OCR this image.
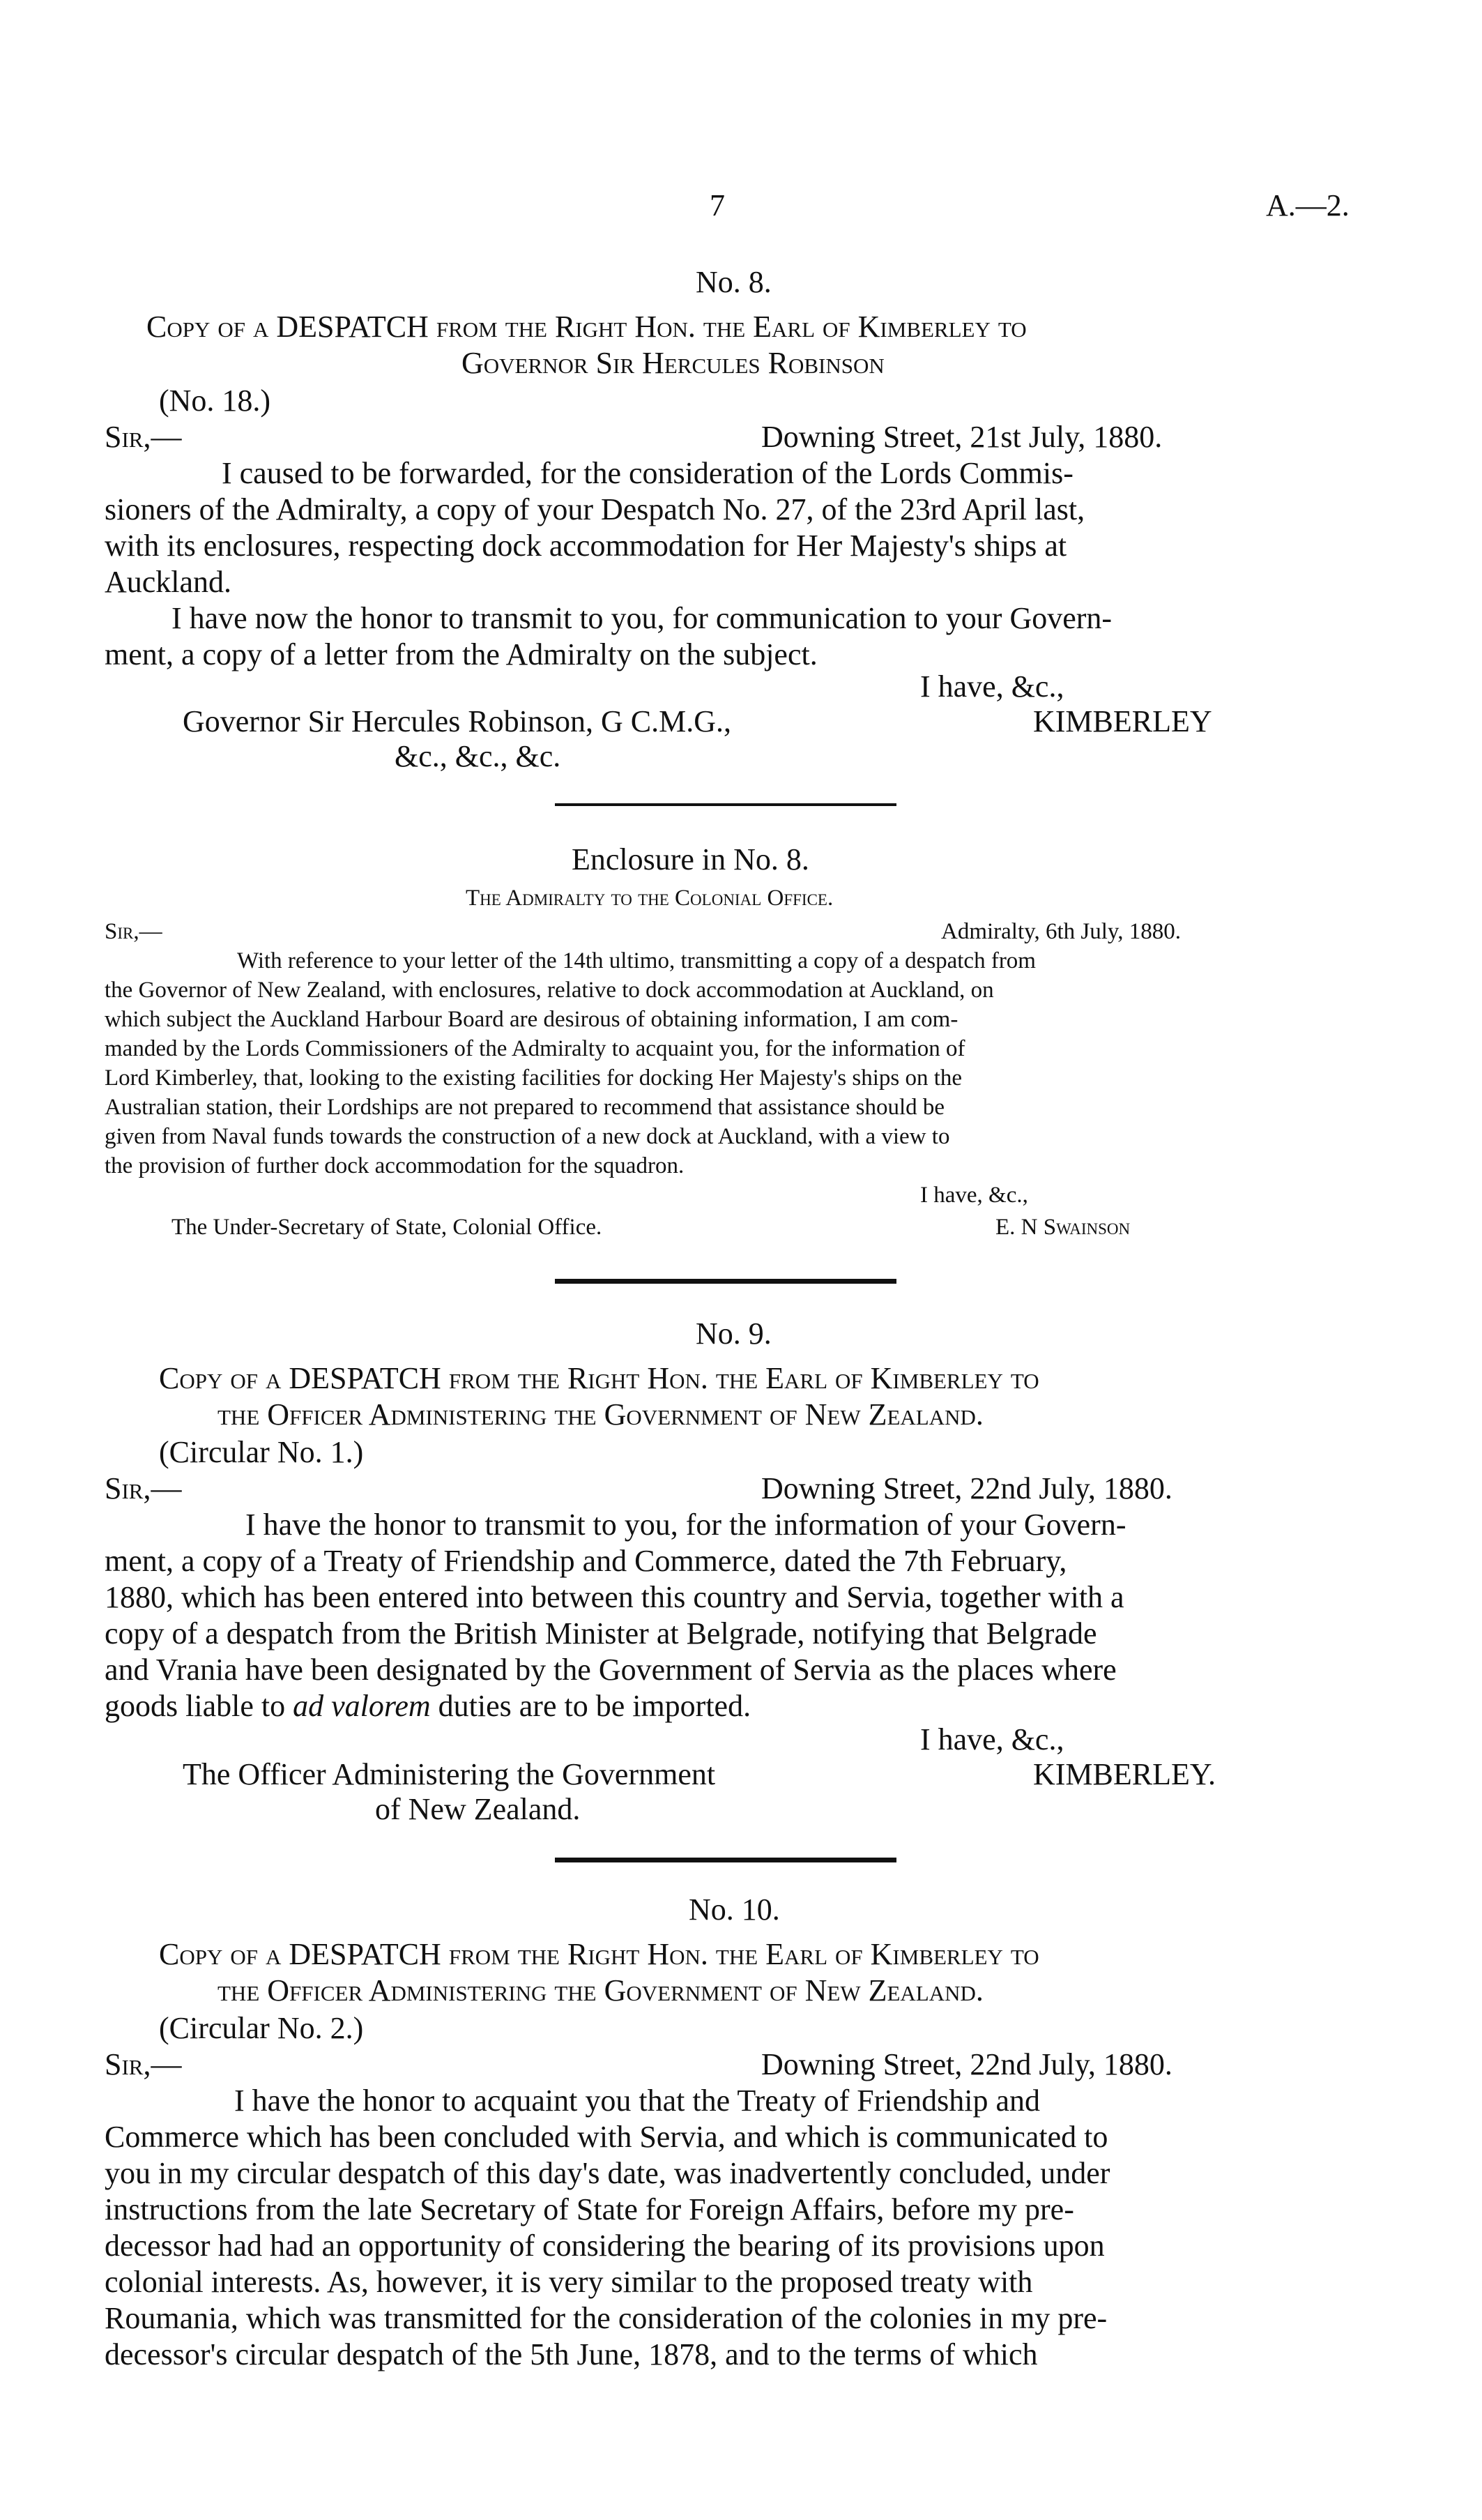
7	A.—2.
No. 8.
Copy of a DESPATCH from the Right Hon. the Earl of Kimberley to
Governor Sir Hercules Robinson
(No. 18.)
Sir,—	Downing Street, 21st July, 1880.
I caused to be forwarded, for the consideration of the Lords Commis-
sioners of the Admiralty, a copy of your Despatch No. 27, of the 23rd April last,
with its enclosures, respecting dock accommodation for Her Majesty's ships at
Auckland.
I have now the honor to transmit to you, for communication to your Govern-
ment, a copy of a letter from the Admiralty on the subject.
I have, &c.,
Governor Sir Hercules Robinson, G C.M.G.,	KIMBERLEY
&c., &c., &c.
Enclosure in No. 8.
The Admiralty to the Colonial Office.
Sir,—	Admiralty, 6th July, 1880.
With reference to your letter of the 14th ultimo, transmitting a copy of a despatch from
the Governor of New Zealand, with enclosures, relative to dock accommodation at Auckland, on
which subject the Auckland Harbour Board are desirous of obtaining information, I am com-
manded by the Lords Commissioners of the Admiralty to acquaint you, for the information of
Lord Kimberley, that, looking to the existing facilities for docking Her Majesty's ships on the
Australian station, their Lordships are not prepared to recommend that assistance should be
given from Naval funds towards the construction of a new dock at Auckland, with a view to
the provision of further dock accommodation for the squadron.
I have, &c.,
The Under-Secretary of State, Colonial Office.	E. N Swainson
No. 9.
Copy of a DESPATCH from the Right Hon. the Earl of Kimberley to
the Officer Administering the Government of New Zealand.
(Circular No. 1.)
Sir,—	Downing Street, 22nd July, 1880.
I have the honor to transmit to you, for the information of your Govern-
ment, a copy of a Treaty of Friendship and Commerce, dated the 7th February,
1880, which has been entered into between this country and Servia, together with a
copy of a despatch from the British Minister at Belgrade, notifying that Belgrade
and Vrania have been designated by the Government of Servia as the places where
goods liable to ad valorem duties are to be imported.
I have, &c.,
The Officer Administering the Government	KIMBERLEY.
of New Zealand.
No. 10.
Copy of a DESPATCH from the Right Hon. the Earl of Kimberley to
the Officer Administering the Government of New Zealand.
(Circular No. 2.)
Sir,—	Downing Street, 22nd July, 1880.
I have the honor to acquaint you that the Treaty of Friendship and
Commerce which has been concluded with Servia, and which is communicated to
you in my circular despatch of this day's date, was inadvertently concluded, under
instructions from the late Secretary of State for Foreign Affairs, before my pre-
decessor had had an opportunity of considering the bearing of its provisions upon
colonial interests. As, however, it is very similar to the proposed treaty with
Roumania, which was transmitted for the consideration of the colonies in my pre-
decessor's circular despatch of the 5th June, 1878, and to the terms of which
